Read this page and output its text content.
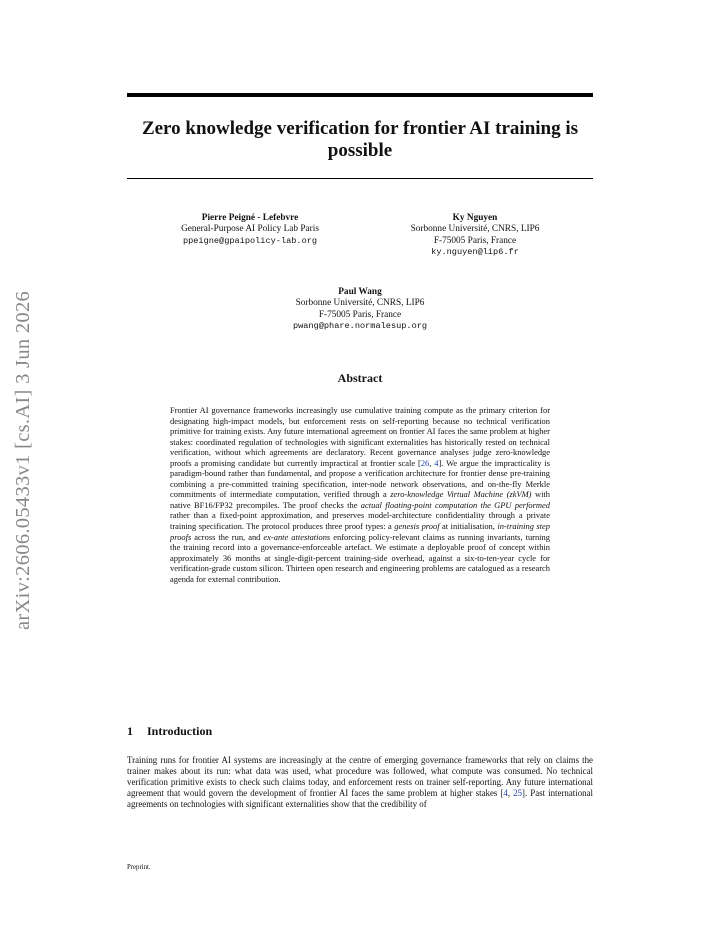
arXiv:2606.05433v1 [cs.AI] 3 Jun 2026
Zero knowledge verification for frontier AI training is possible
Pierre Peigné - Lefebvre
General-Purpose AI Policy Lab Paris
ppeigne@gpaipolicy-lab.org
Ky Nguyen
Sorbonne Université, CNRS, LIP6
F-75005 Paris, France
ky.nguyen@lip6.fr
Paul Wang
Sorbonne Université, CNRS, LIP6
F-75005 Paris, France
pwang@phare.normalesup.org
Abstract

Frontier AI governance frameworks increasingly use cumulative training compute as the primary criterion for designating high-impact models, but enforcement rests on self-reporting because no technical verification primitive for training exists. Any future international agreement on frontier AI faces the same problem at higher stakes: coordinated regulation of technologies with significant externalities has historically rested on technical verification, without which agreements are declaratory. Recent governance analyses judge zero-knowledge proofs a promising candidate but currently impractical at frontier scale [26, 4]. We argue the impracticality is paradigm-bound rather than fundamental, and propose a verification architecture for frontier dense pre-training combining a pre-committed training specification, inter-node network observations, and on-the-fly Merkle commitments of intermediate computation, verified through a zero-knowledge Virtual Machine (zkVM) with native BF16/FP32 precompiles. The proof checks the actual floating-point computation the GPU performed rather than a fixed-point approximation, and preserves model-architecture confidentiality through a private training specification. The protocol produces three proof types: a genesis proof at initialisation, in-training step proofs across the run, and ex-ante attestations enforcing policy-relevant claims as running invariants, turning the training record into a governance-enforceable artefact. We estimate a deployable proof of concept within approximately 36 months at single-digit-percent training-side overhead, against a six-to-ten-year cycle for verification-grade custom silicon. Thirteen open research and engineering problems are catalogued as a research agenda for external contribution.

1 Introduction

Training runs for frontier AI systems are increasingly at the centre of emerging governance frameworks that rely on claims the trainer makes about its run: what data was used, what procedure was followed, what compute was consumed. No technical verification primitive exists to check such claims today, and enforcement rests on trainer self-reporting. Any future international agreement that would govern the development of frontier AI faces the same problem at higher stakes [4, 25]. Past international agreements on technologies with significant externalities show that the credibility of

Preprint.
